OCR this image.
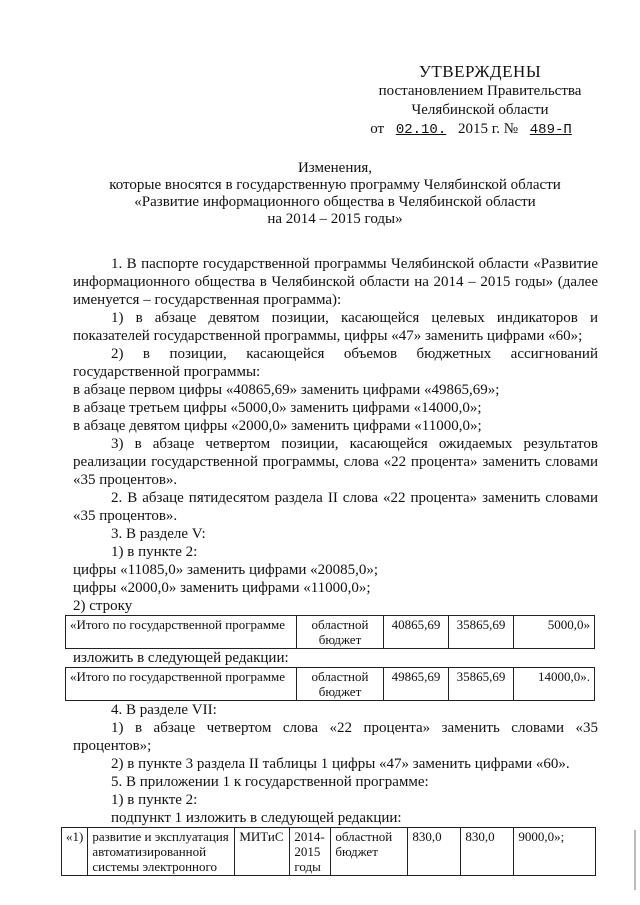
УТВЕРЖДЕНЫ
постановлением Правительства
Челябинской области
от 02.10. 2015 г. № 489-П
Изменения,
которые вносятся в государственную программу Челябинской области
«Развитие информационного общества в Челябинской области
на 2014 – 2015 годы»

1. В паспорте государственной программы Челябинской области «Развитие информационного общества в Челябинской области на 2014 – 2015 годы» (далее именуется – государственная программа):

1) в абзаце девятом позиции, касающейся целевых индикаторов и показателей государственной программы, цифры «47» заменить цифрами «60»;

2) в позиции, касающейся объемов бюджетных ассигнований государственной программы:

в абзаце первом цифры «40865,69» заменить цифрами «49865,69»;

в абзаце третьем цифры «5000,0» заменить цифрами «14000,0»;

в абзаце девятом цифры «2000,0» заменить цифрами «11000,0»;

3) в абзаце четвертом позиции, касающейся ожидаемых результатов реализации государственной программы, слова «22 процента» заменить словами «35 процентов».

2. В абзаце пятидесятом раздела II слова «22 процента» заменить словами «35 процентов».

3. В разделе V:

1) в пункте 2:

цифры «11085,0» заменить цифрами «20085,0»;

цифры «2000,0» заменить цифрами «11000,0»;

2) строку

«Итого по государственной программе	областной бюджет	40865,69	35865,69	5000,0»

изложить в следующей редакции:

«Итого по государственной программе	областной бюджет	49865,69	35865,69	14000,0».

4. В разделе VII:

1) в абзаце четвертом слова «22 процента» заменить словами «35 процентов»;

2) в пункте 3 раздела II таблицы 1 цифры «47» заменить цифрами «60».

5. В приложении 1 к государственной программе:

1) в пункте 2:

подпункт 1 изложить в следующей редакции:

«1)	развитие и эксплуатация автоматизированной системы электронного	МИТиС	2014-2015 годы	областной бюджет	830,0	830,0	9000,0»;
